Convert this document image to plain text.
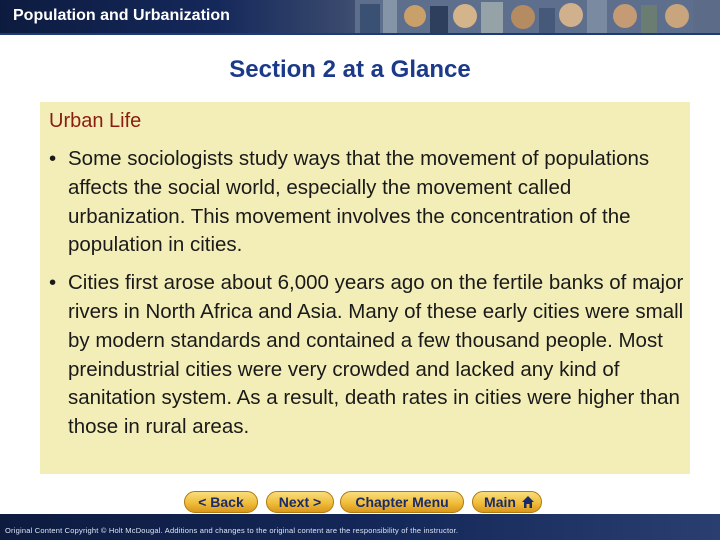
Population and Urbanization
Section 2 at a Glance
Urban Life
• Some sociologists study ways that the movement of populations affects the social world, especially the movement called urbanization. This movement involves the concentration of the population in cities.
• Cities first arose about 6,000 years ago on the fertile banks of major rivers in North Africa and Asia. Many of these early cities were small by modern standards and contained a few thousand people. Most preindustrial cities were very crowded and lacked any kind of sanitation system. As a result, death rates in cities were higher than those in rural areas.
< Back	Next >	Chapter Menu	Main
Original Content Copyright © Holt McDougal. Additions and changes to the original content are the responsibility of the instructor.
